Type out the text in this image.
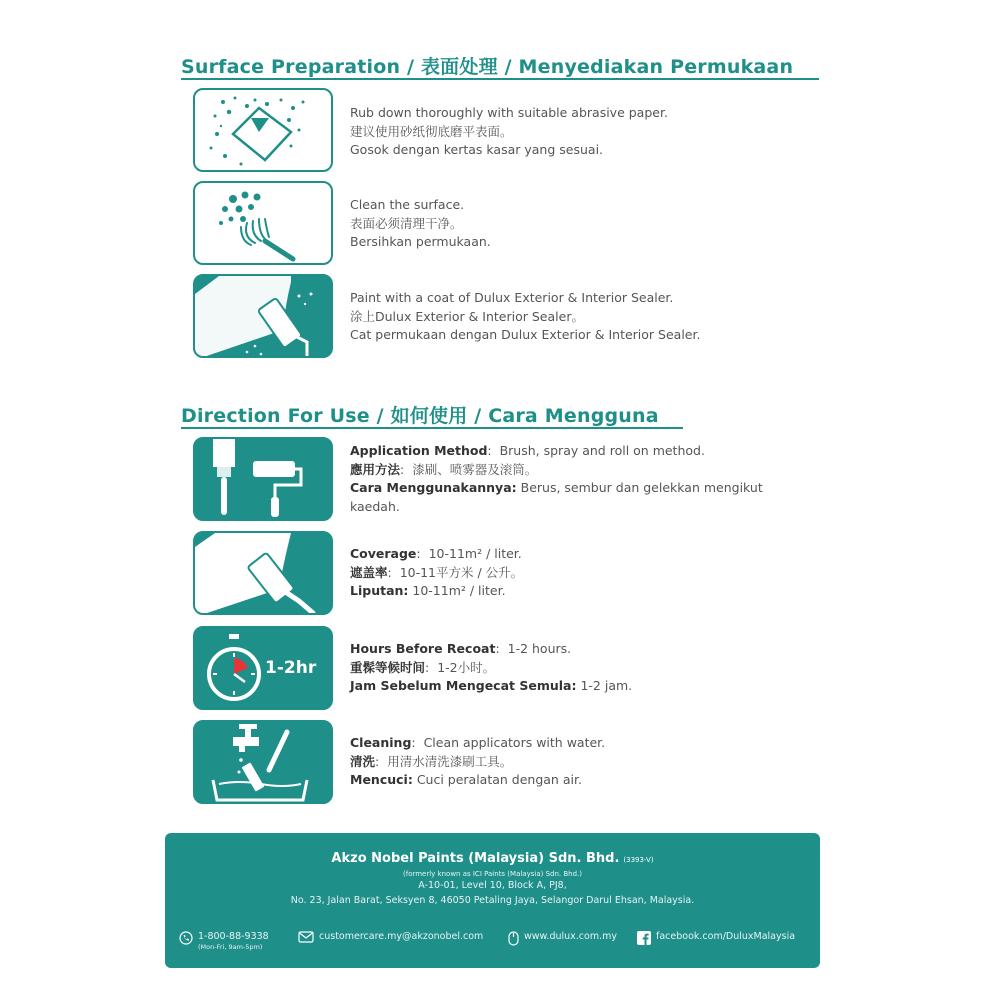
Surface Preparation / 表面处理 / Menyediakan Permukaan
Rub down thoroughly with suitable abrasive paper.
建议使用砂纸彻底磨平表面。
Gosok dengan kertas kasar yang sesuai.
Clean the surface.
表面必须清理干净。
Bersihkan permukaan.
Paint with a coat of Dulux Exterior & Interior Sealer.
涂上Dulux Exterior & Interior Sealer。
Cat permukaan dengan Dulux Exterior & Interior Sealer.
Direction For Use / 如何使用 / Cara Mengguna
Application Method: Brush, spray and roll on method.
應用方法: 漆刷、喷雾器及滚筒。
Cara Menggunakannya: Berus, sembur dan gelekkan mengikut kaedah.
Coverage: 10-11m² / liter.
遮盖率: 10-11平方米 / 公升。
Liputan: 10-11m² / liter.
1-2hr
Hours Before Recoat: 1-2 hours.
重髹等候时间: 1-2小时。
Jam Sebelum Mengecat Semula: 1-2 jam.
Cleaning: Clean applicators with water.
清洗: 用清水清洗漆刷工具。
Mencuci: Cuci peralatan dengan air.
Akzo Nobel Paints (Malaysia) Sdn. Bhd. (3393-V)
(formerly known as ICI Paints (Malaysia) Sdn. Bhd.)
A-10-01, Level 10, Block A, PJ8,
No. 23, Jalan Barat, Seksyen 8, 46050 Petaling Jaya, Selangor Darul Ehsan, Malaysia.
1-800-88-9338
(Mon-Fri, 9am-5pm)
customercare.my@akzonobel.com	www.dulux.com.my	facebook.com/DuluxMalaysia
